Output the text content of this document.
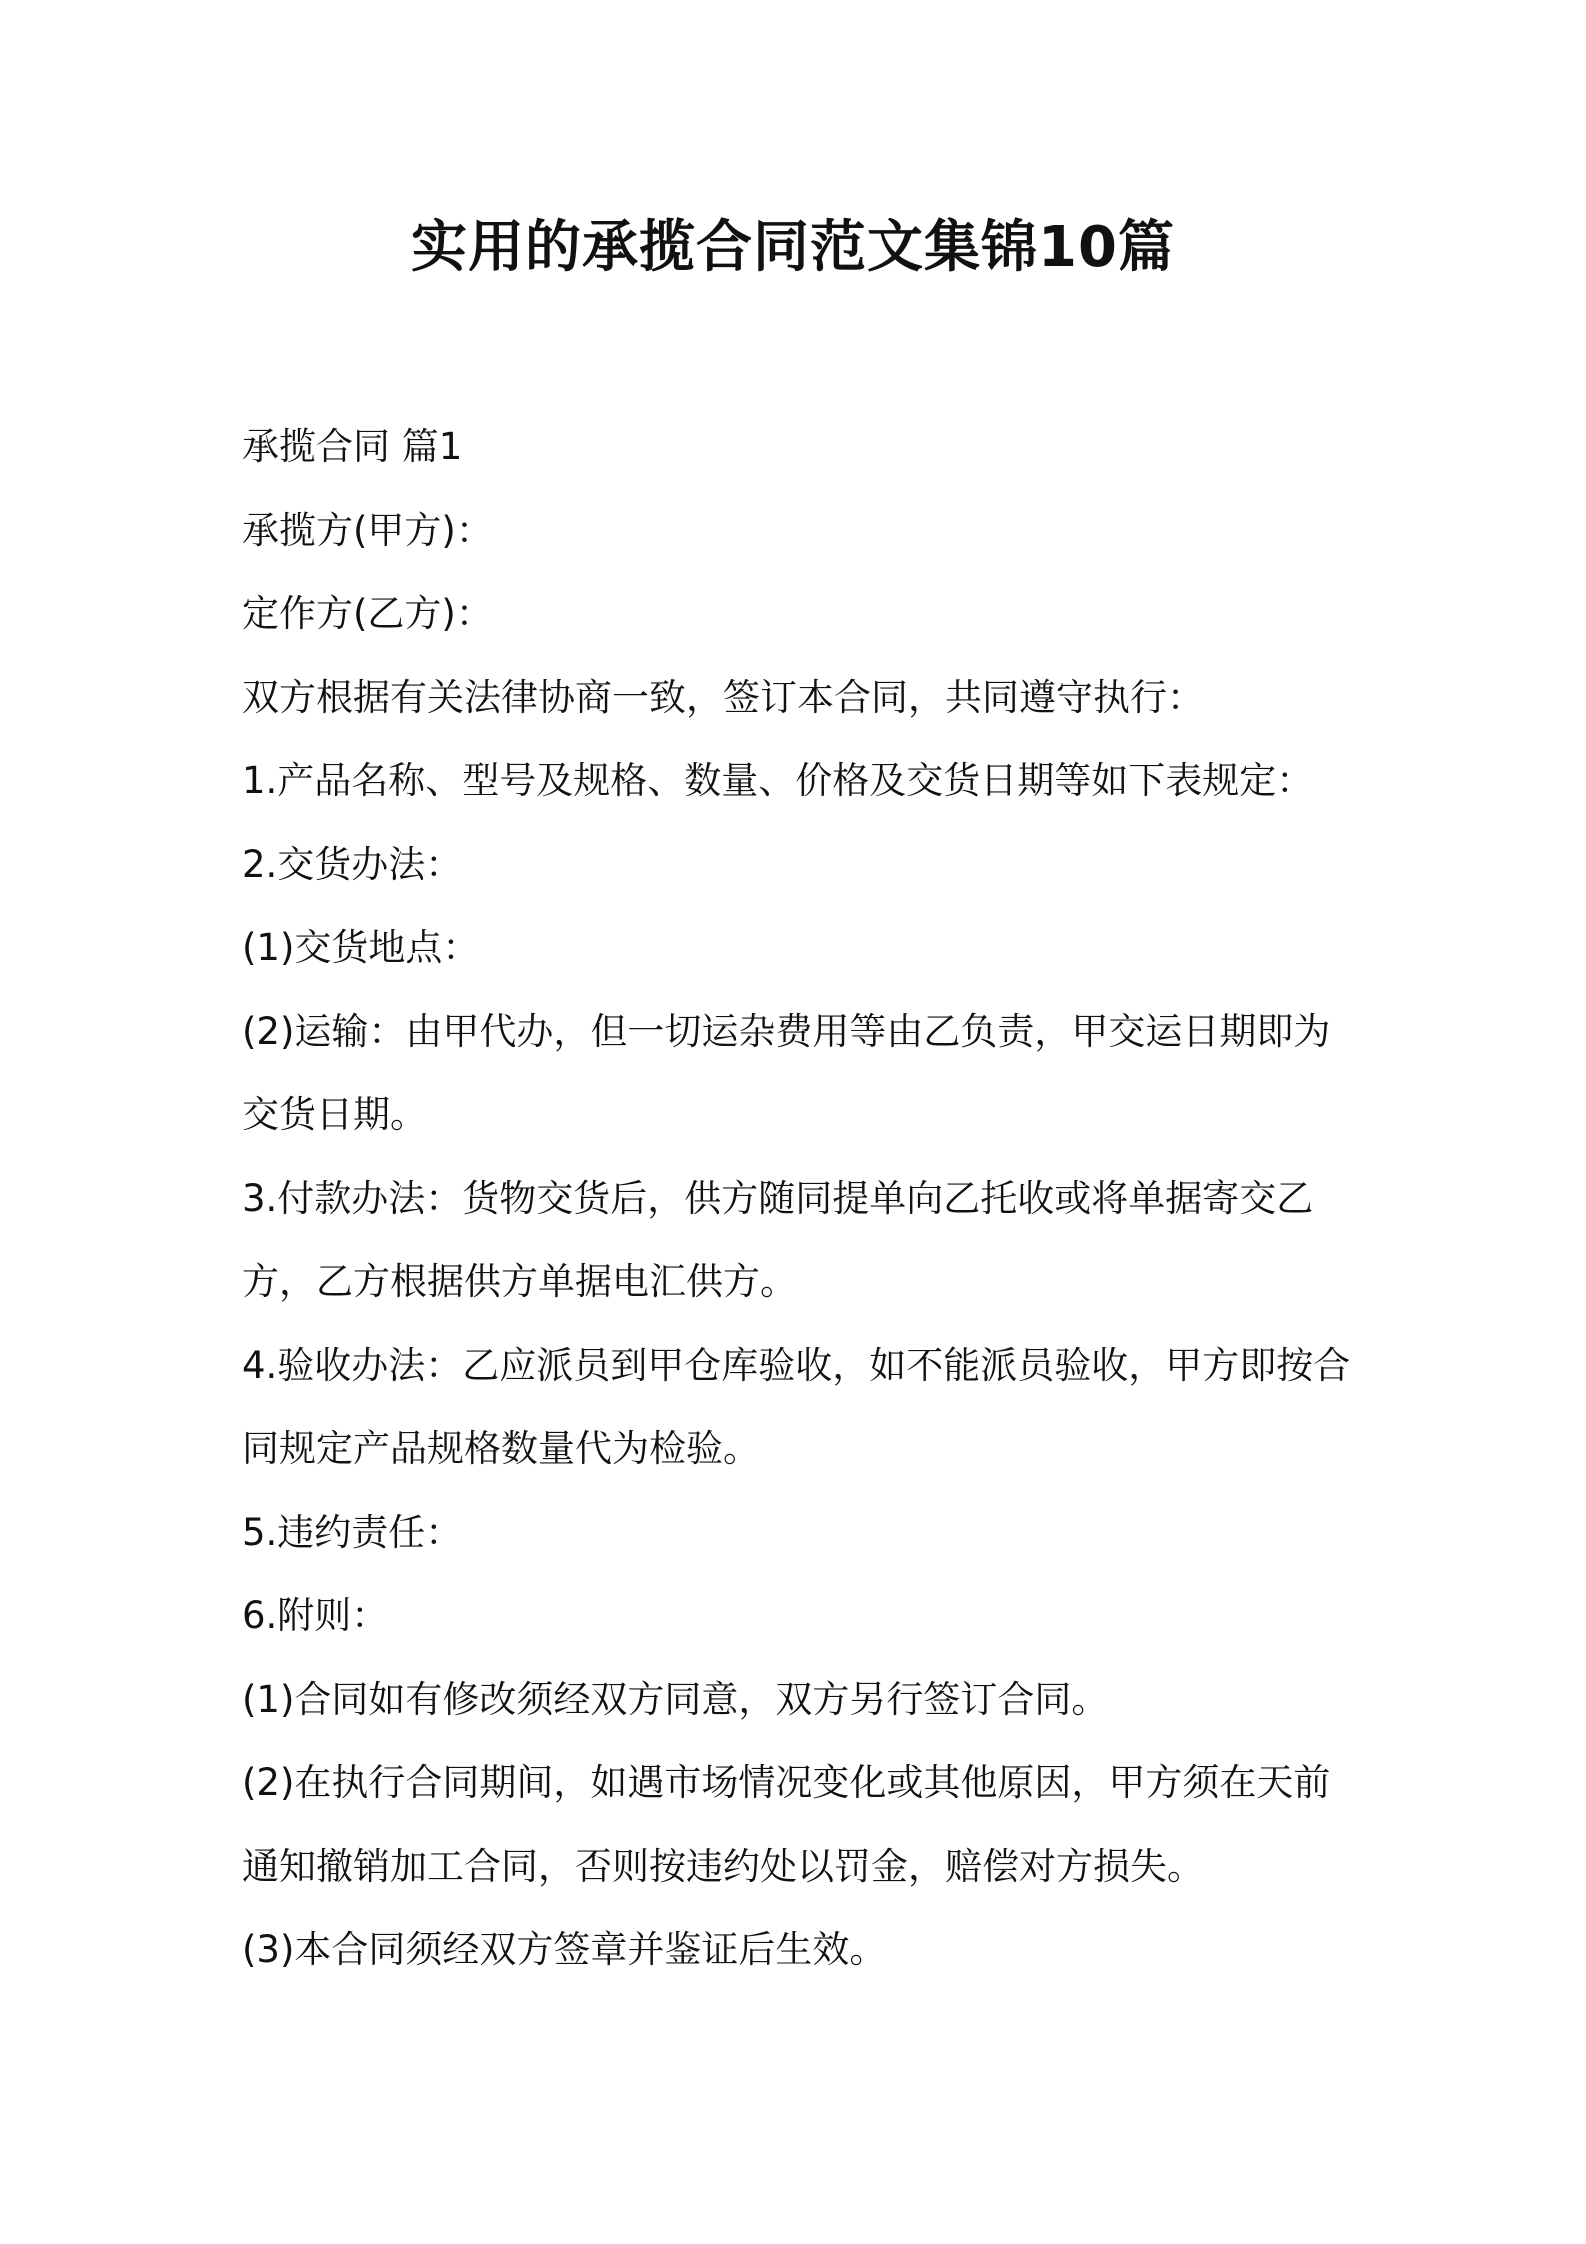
实用的承揽合同范文集锦10篇

承揽合同 篇1

承揽方(甲方)：

定作方(乙方)：

双方根据有关法律协商一致，签订本合同，共同遵守执行：

1.产品名称、型号及规格、数量、价格及交货日期等如下表规定：

2.交货办法：

(1)交货地点：

(2)运输：由甲代办，但一切运杂费用等由乙负责，甲交运日期即为交货日期。

3.付款办法：货物交货后，供方随同提单向乙托收或将单据寄交乙方，乙方根据供方单据电汇供方。

4.验收办法：乙应派员到甲仓库验收，如不能派员验收，甲方即按合同规定产品规格数量代为检验。

5.违约责任：

6.附则：

(1)合同如有修改须经双方同意，双方另行签订合同。

(2)在执行合同期间，如遇市场情况变化或其他原因，甲方须在天前通知撤销加工合同，否则按违约处以罚金，赔偿对方损失。

(3)本合同须经双方签章并鉴证后生效。
